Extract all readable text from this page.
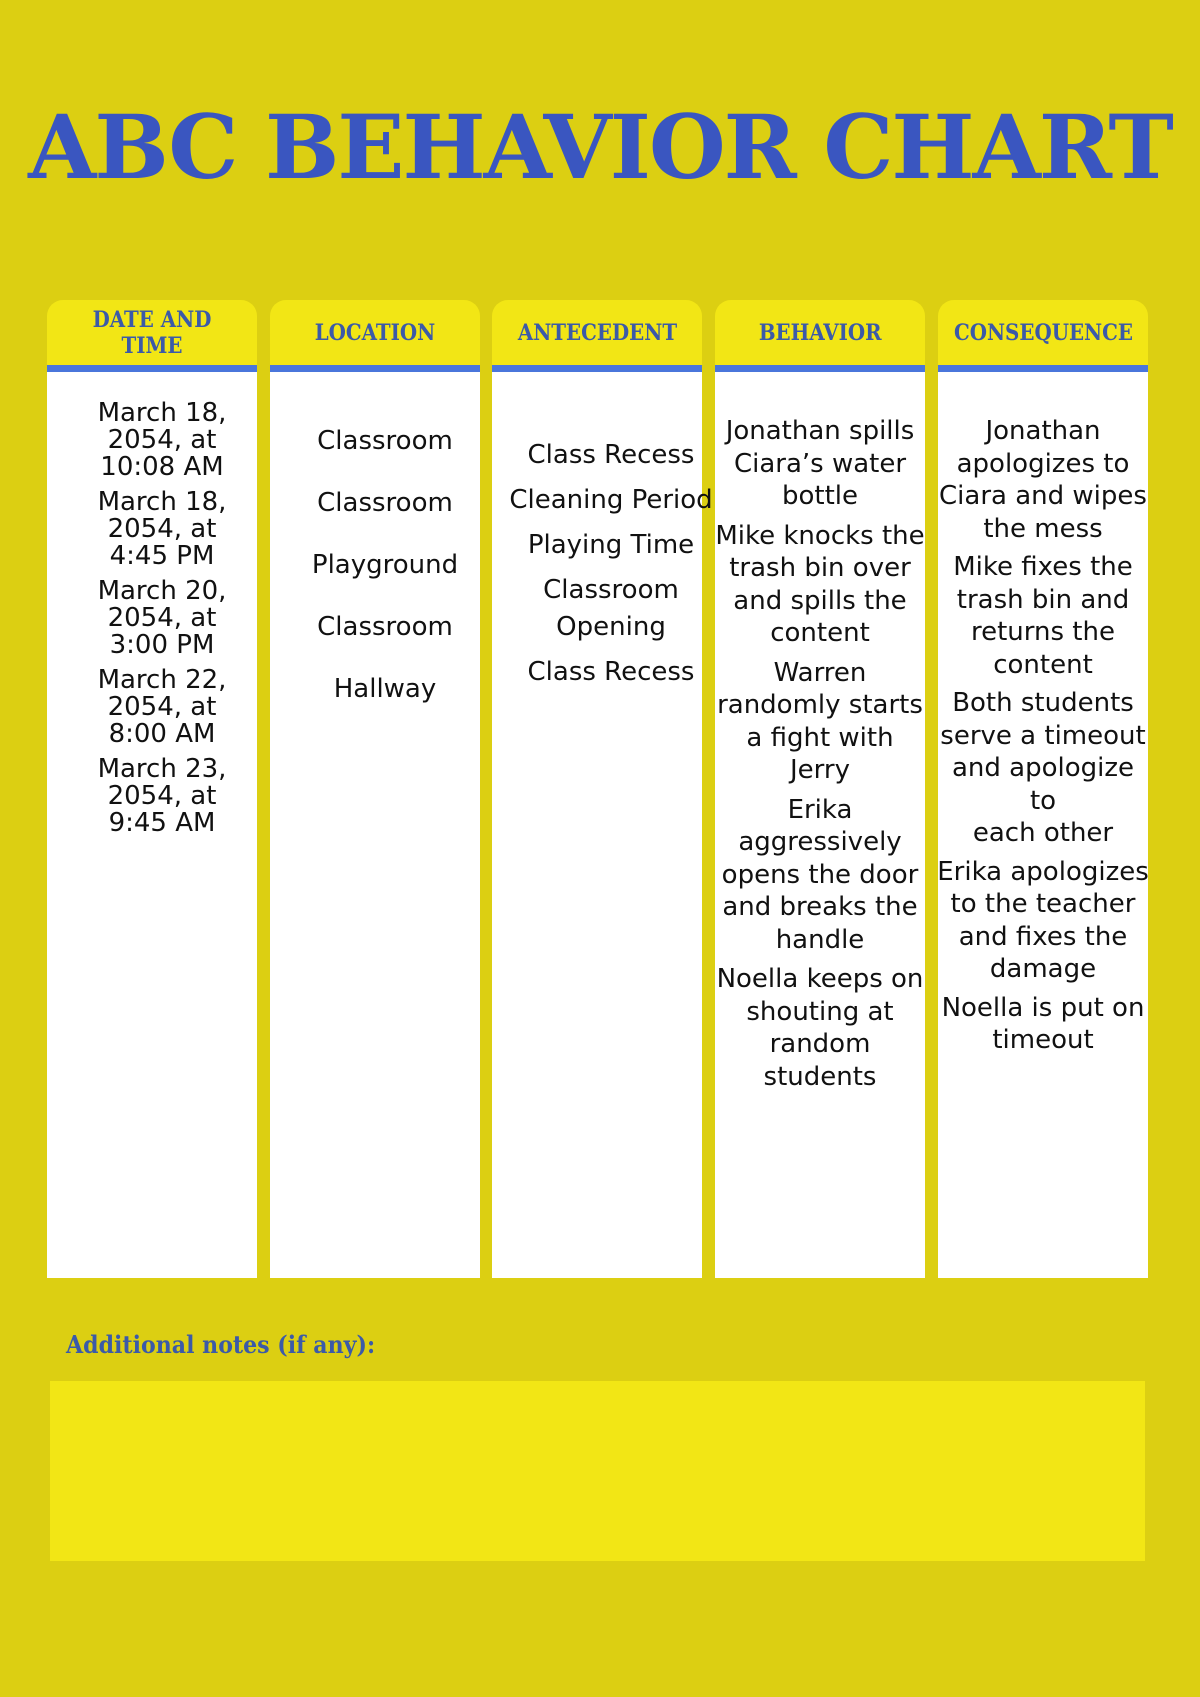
ABC BEHAVIOR CHART
DATE AND
TIME
March 18,
2054, at
10:08 AM
March 18,
2054, at
4:45 PM
March 20,
2054, at
3:00 PM
March 22,
2054, at
8:00 AM
March 23,
2054, at
9:45 AM
LOCATION
Classroom
Classroom
Playground
Classroom
Hallway
ANTECEDENT
Class Recess
Cleaning Period
Playing Time
Classroom
Opening
Class Recess
BEHAVIOR
Jonathan spills
Ciara’s water
bottle
Mike knocks the
trash bin over
and spills the
content
Warren
randomly starts
a fight with Jerry
Erika
aggressively
opens the door
and breaks the
handle
Noella keeps on
shouting at
random
students
CONSEQUENCE
Jonathan
apologizes to
Ciara and wipes
the mess
Mike fixes the
trash bin and
returns the
content
Both students
serve a timeout
and apologize to
each other
Erika apologizes
to the teacher
and fixes the
damage
Noella is put on
timeout

Additional notes (if any):
